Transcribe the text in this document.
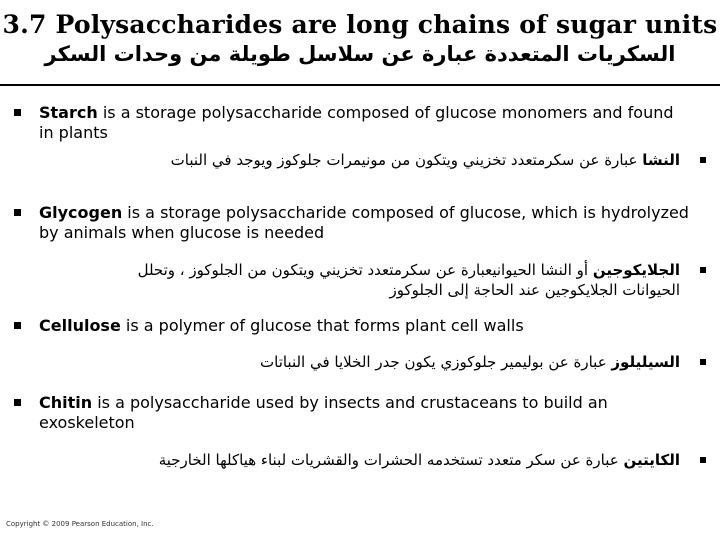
3.7 Polysaccharides are long chains of sugar units
السكريات المتعددة عبارة عن سلاسل طويلة من وحدات السكر
Starch is a storage polysaccharide composed of glucose monomers and found in plants
النشا عبارة عن سكرمتعدد تخزيني ويتكون من مونيمرات جلوكوز ويوجد في النبات
Glycogen is a storage polysaccharide composed of glucose, which is hydrolyzed by animals when glucose is needed
الجلايكوجين أو النشا الحيوانيعبارة عن سكرمتعدد تخزيني ويتكون من الجلوكوز ، وتحلل الحيوانات الجلايكوجين عند الحاجة إلى الجلوكوز
Cellulose is a polymer of glucose that forms plant cell walls
السيليلوز عبارة عن بوليمير جلوكوزي يكون جدر الخلايا في النباتات
Chitin is a polysaccharide used by insects and crustaceans to build an exoskeleton
الكايتين عبارة عن سكر متعدد تستخدمه الحشرات والقشريات لبناء هياكلها الخارجية
Copyright © 2009 Pearson Education, Inc.
